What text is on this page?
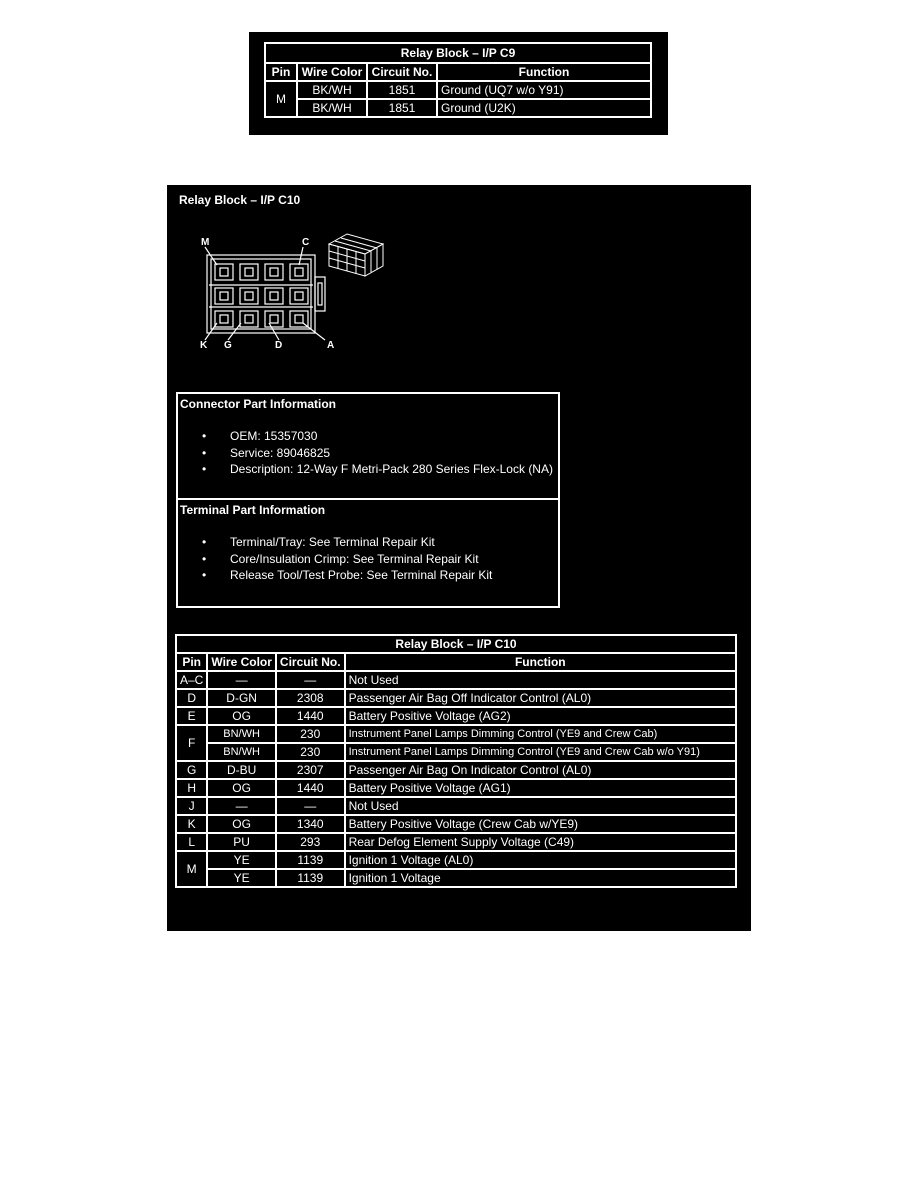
Relay Block – I/P C9			
Pin	Wire Color	Circuit No.	Function
M	BK/WH	1851	Ground (UQ7 w/o Y91)
	BK/WH	1851	Ground (U2K)
Relay Block – I/P C10
M	C
K G	D	A
Connector Part Information
• OEM: 15357030
• Service: 89046825
• Description: 12-Way F Metri-Pack 280 Series Flex-Lock (NA)
Terminal Part Information
• Terminal/Tray: See Terminal Repair Kit
• Core/Insulation Crimp: See Terminal Repair Kit
• Release Tool/Test Probe: See Terminal Repair Kit
Relay Block – I/P C10			
Pin	Wire Color	Circuit No.	Function
A–C	—	—	Not Used
D	D-GN	2308	Passenger Air Bag Off Indicator Control (AL0)
E	OG	1440	Battery Positive Voltage (AG2)
F	BN/WH	230	Instrument Panel Lamps Dimming Control (YE9 and Crew Cab)
	BN/WH	230	Instrument Panel Lamps Dimming Control (YE9 and Crew Cab w/o Y91)
G	D-BU	2307	Passenger Air Bag On Indicator Control (AL0)
H	OG	1440	Battery Positive Voltage (AG1)
J	—	—	Not Used
K	OG	1340	Battery Positive Voltage (Crew Cab w/YE9)
L	PU	293	Rear Defog Element Supply Voltage (C49)
M	YE	1139	Ignition 1 Voltage (AL0)
	YE	1139	Ignition 1 Voltage
